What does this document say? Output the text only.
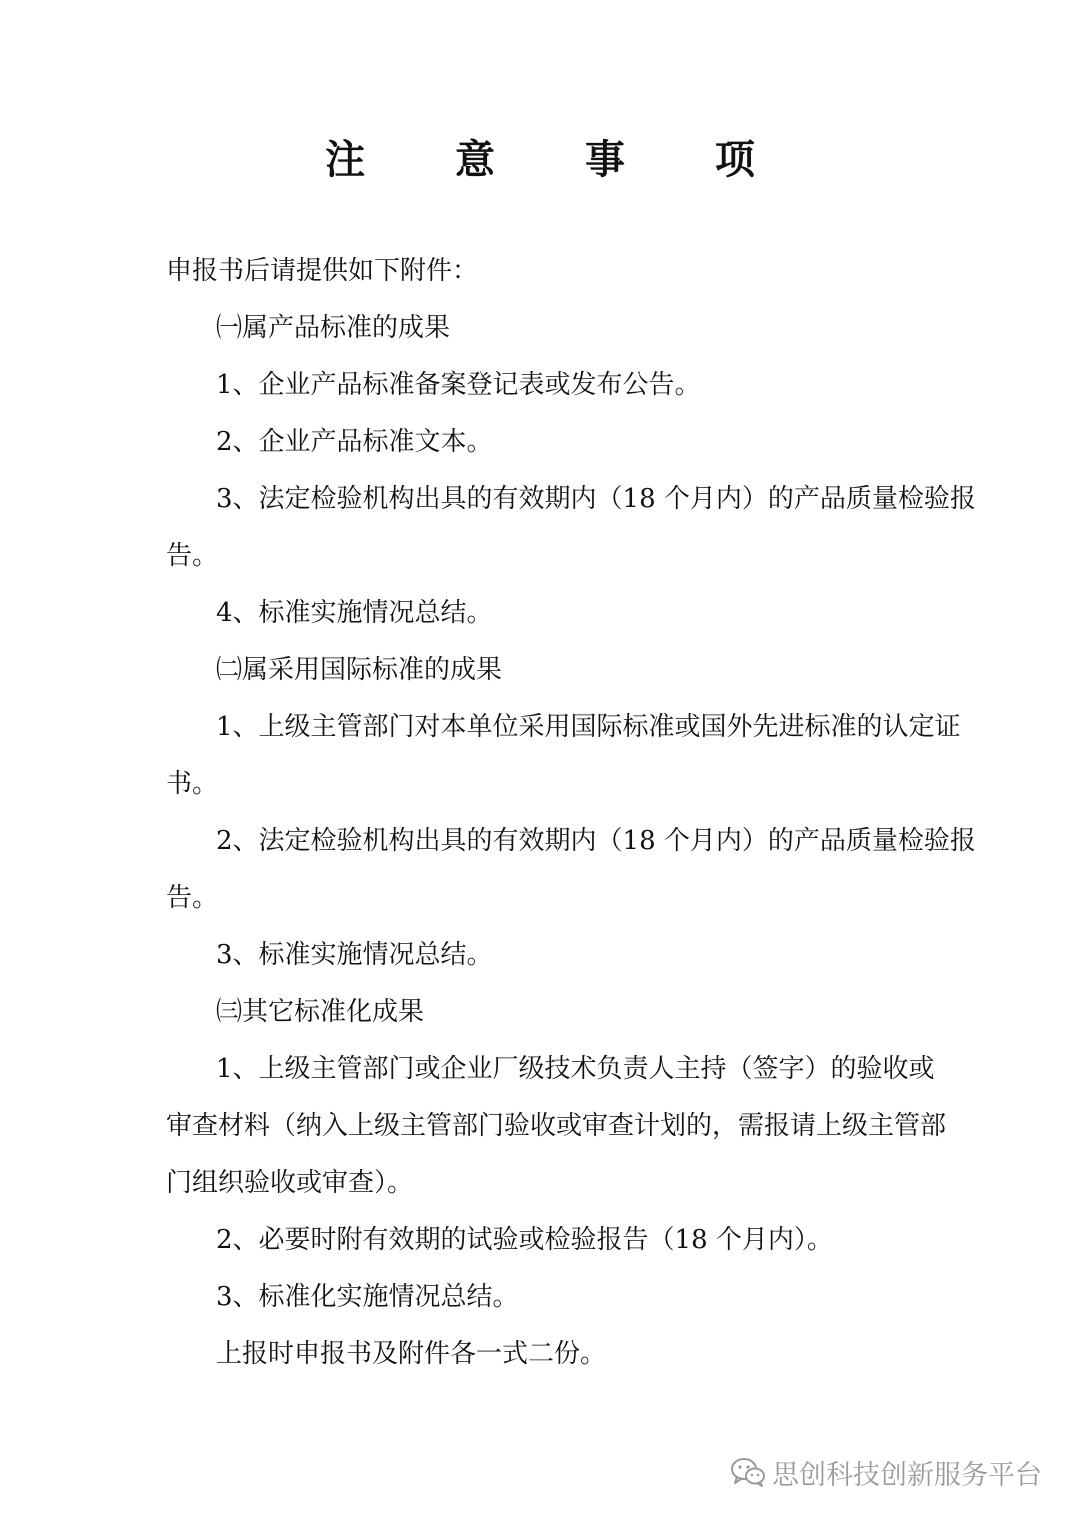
注 意 事 项

申报书后请提供如下附件：

㈠属产品标准的成果

1、企业产品标准备案登记表或发布公告。

2、企业产品标准文本。

3、法定检验机构出具的有效期内（18 个月内）的产品质量检验报

告。

4、标准实施情况总结。

㈡属采用国际标准的成果

1、上级主管部门对本单位采用国际标准或国外先进标准的认定证

书。

2、法定检验机构出具的有效期内（18 个月内）的产品质量检验报

告。

3、标准实施情况总结。

㈢其它标准化成果

1、上级主管部门或企业厂级技术负责人主持（签字）的验收或

审查材料（纳入上级主管部门验收或审查计划的，需报请上级主管部

门组织验收或审查）。

2、必要时附有效期的试验或检验报告（18 个月内）。

3、标准化实施情况总结。

上报时申报书及附件各一式二份。

思创科技创新服务平台
